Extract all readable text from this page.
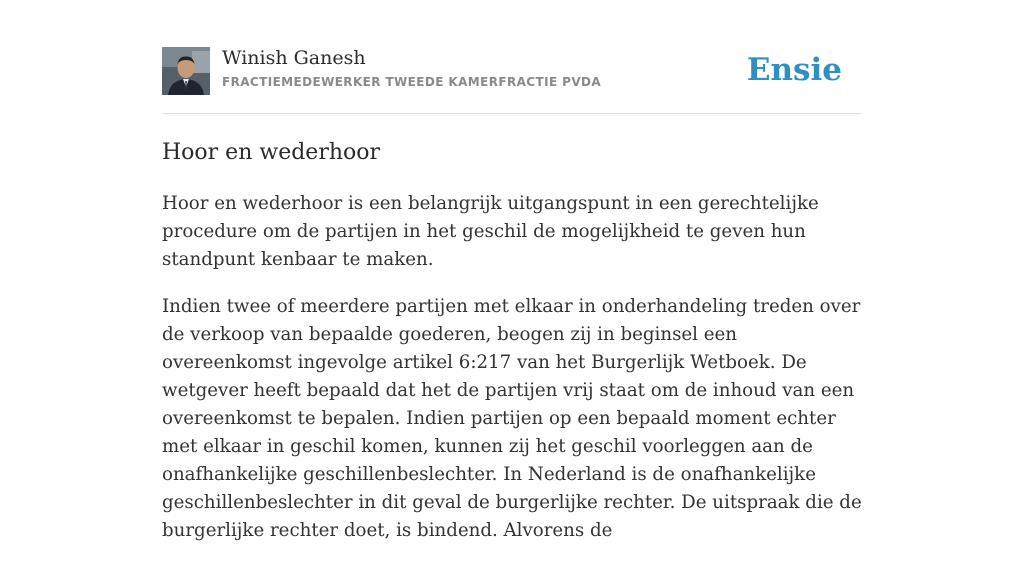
Winish Ganesh
FRACTIEMEDEWERKER TWEEDE KAMERFRACTIE PVDA	Ensie
Hoor en wederhoor

Hoor en wederhoor is een belangrijk uitgangspunt in een gerechtelijke procedure om de partijen in het geschil de mogelijkheid te geven hun standpunt kenbaar te maken.

Indien twee of meerdere partijen met elkaar in onderhandeling treden over de verkoop van bepaalde goederen, beogen zij in beginsel een overeenkomst ingevolge artikel 6:217 van het Burgerlijk Wetboek. De wetgever heeft bepaald dat het de partijen vrij staat om de inhoud van een overeenkomst te bepalen. Indien partijen op een bepaald moment echter met elkaar in geschil komen, kunnen zij het geschil voorleggen aan de onafhankelijke geschillenbeslechter. In Nederland is de onafhankelijke geschillenbeslechter in dit geval de burgerlijke rechter. De uitspraak die de burgerlijke rechter doet, is bindend. Alvorens de
